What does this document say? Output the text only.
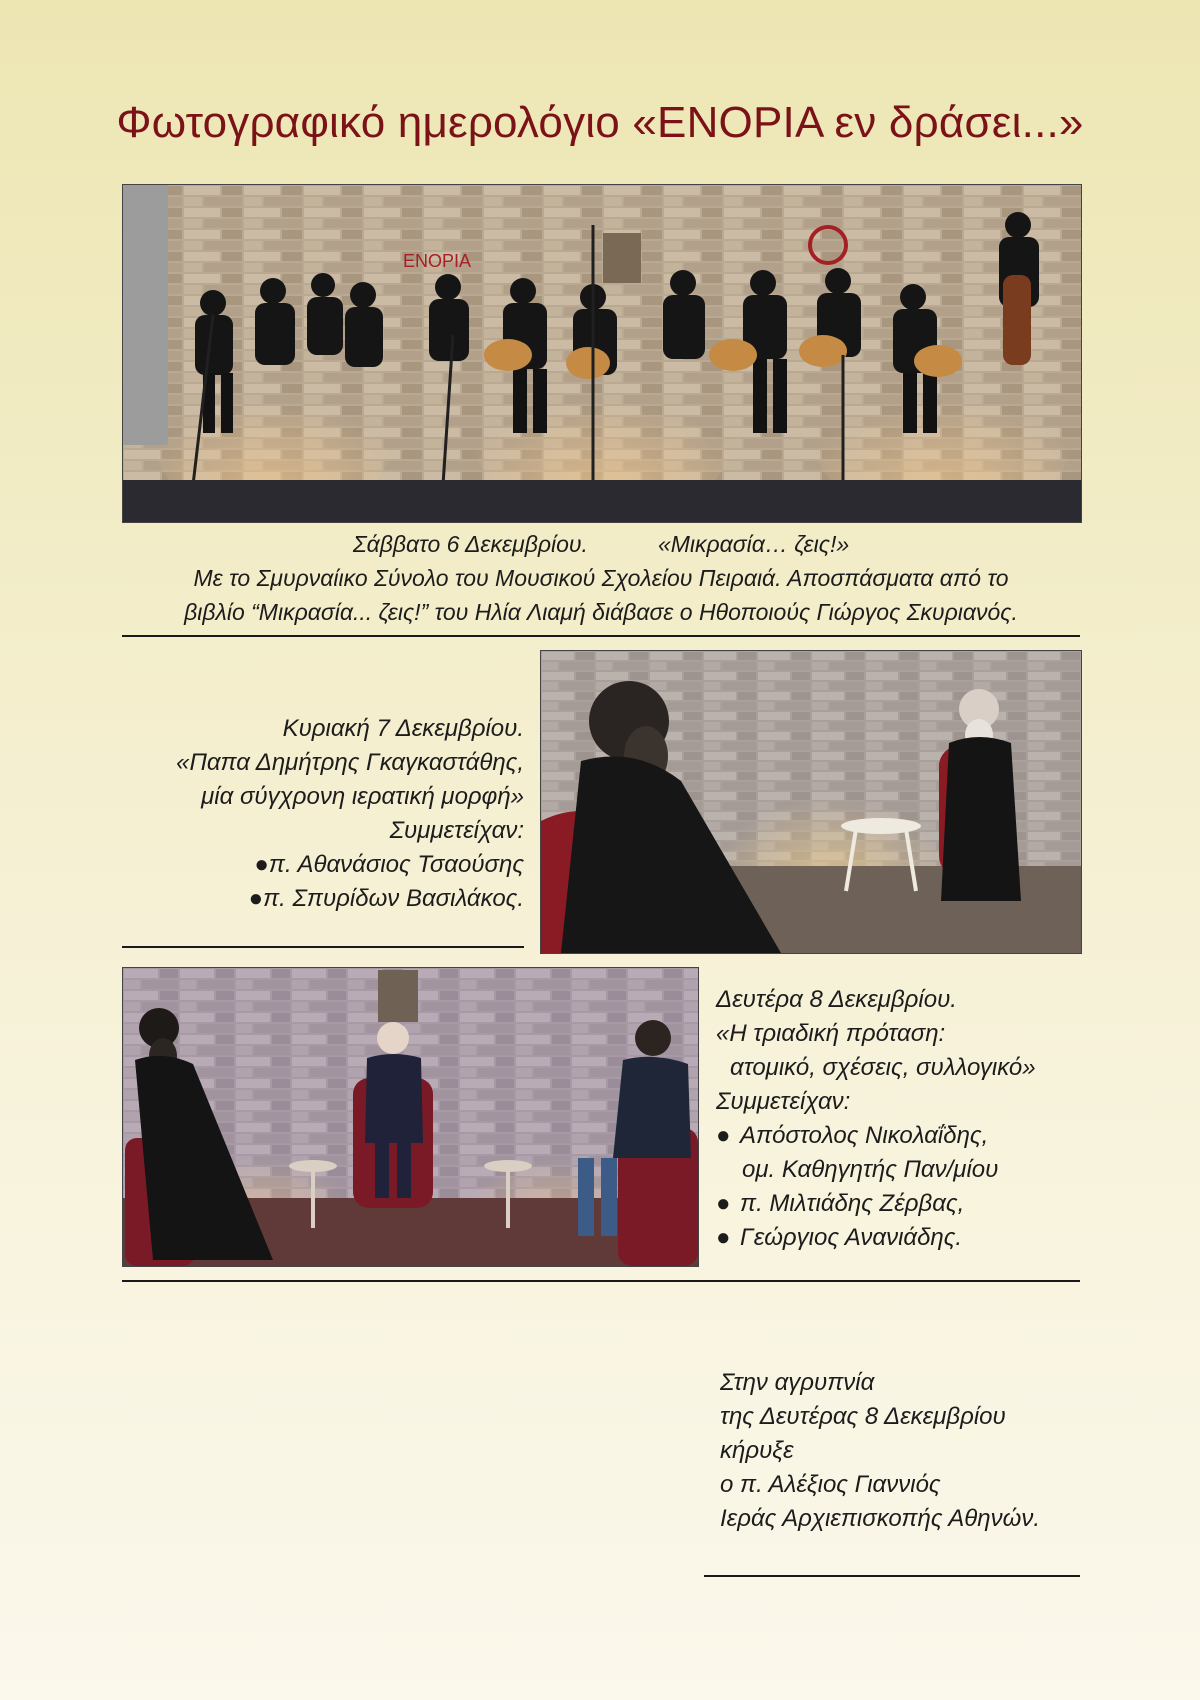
Φωτογραφικό ημερολόγιο «ΕΝΟΡΙΑ εν δράσει...»
ΕΝΟΡΙΑ
Σάββατο 6 Δεκεμβρίου.	«Μικρασία… ζεις!»
Με το Σμυρναίικο Σύνολο του Μουσικού Σχολείου Πειραιά. Αποσπάσματα από το
βιβλίο “Μικρασία... ζεις!” του Ηλία Λιαμή διάβασε ο Ηθοποιούς Γιώργος Σκυριανός.
Κυριακή 7 Δεκεμβρίου.
«Παπα Δημήτρης Γκαγκαστάθης,
μία σύγχρονη ιερατική μορφή»
Συμμετείχαν:
●π. Αθανάσιος Τσαούσης
●π. Σπυρίδων Βασιλάκος.
Δευτέρα 8 Δεκεμβρίου.
«Η τριαδική πρόταση:
ατομικό, σχέσεις, συλλογικό»
Συμμετείχαν:
● Απόστολος Νικολαΐδης,
ομ. Καθηγητής Παν/μίου
● π. Μιλτιάδης Ζέρβας,
● Γεώργιος Ανανιάδης.
Στην αγρυπνία
της Δευτέρας 8 Δεκεμβρίου
κήρυξε
ο π. Αλέξιος Γιαννιός
Ιεράς Αρχιεπισκοπής Αθηνών.
